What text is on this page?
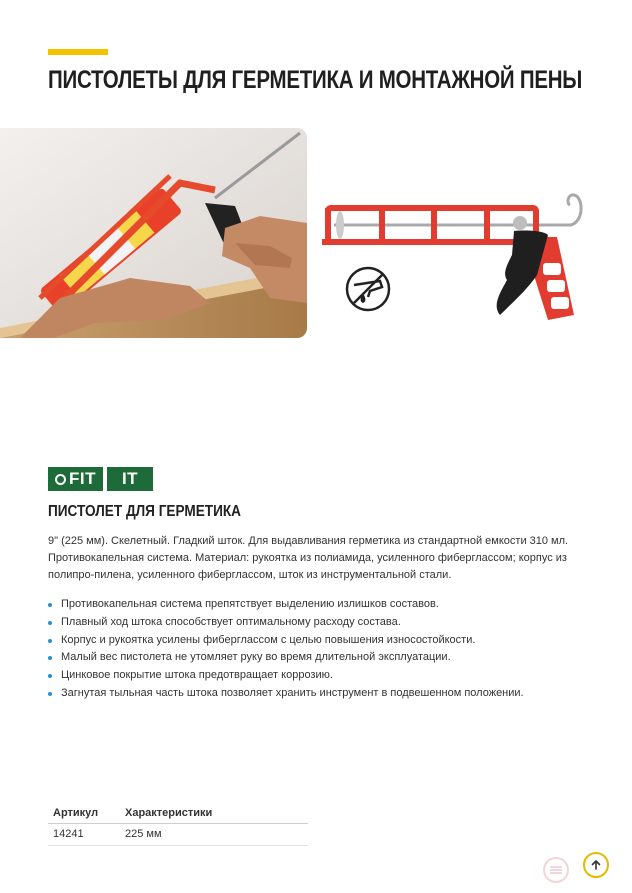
ПИСТОЛЕТЫ ДЛЯ ГЕРМЕТИКА И МОНТАЖНОЙ ПЕНЫ
FIT IT
ПИСТОЛЕТ ДЛЯ ГЕРМЕТИКА

9" (225 мм). Скелетный. Гладкий шток. Для выдавливания герметика из стандартной емкости 310 мл. Противокапельная система. Материал: рукоятка из полиамида, усиленного фиберглассом; корпус из полипро-пилена, усиленного фиберглассом, шток из инструментальной стали.

Противокапельная система препятствует выделению излишков составов.
Плавный ход штока способствует оптимальному расходу состава.
Корпус и рукоятка усилены фиберглассом с целью повышения износостойкости.
Малый вес пистолета не утомляет руку во время длительной эксплуатации.
Цинковое покрытие штока предотвращает коррозию.
Загнутая тыльная часть штока позволяет хранить инструмент в подвешенном положении.
Артикул	Характеристики
14241	225 мм
